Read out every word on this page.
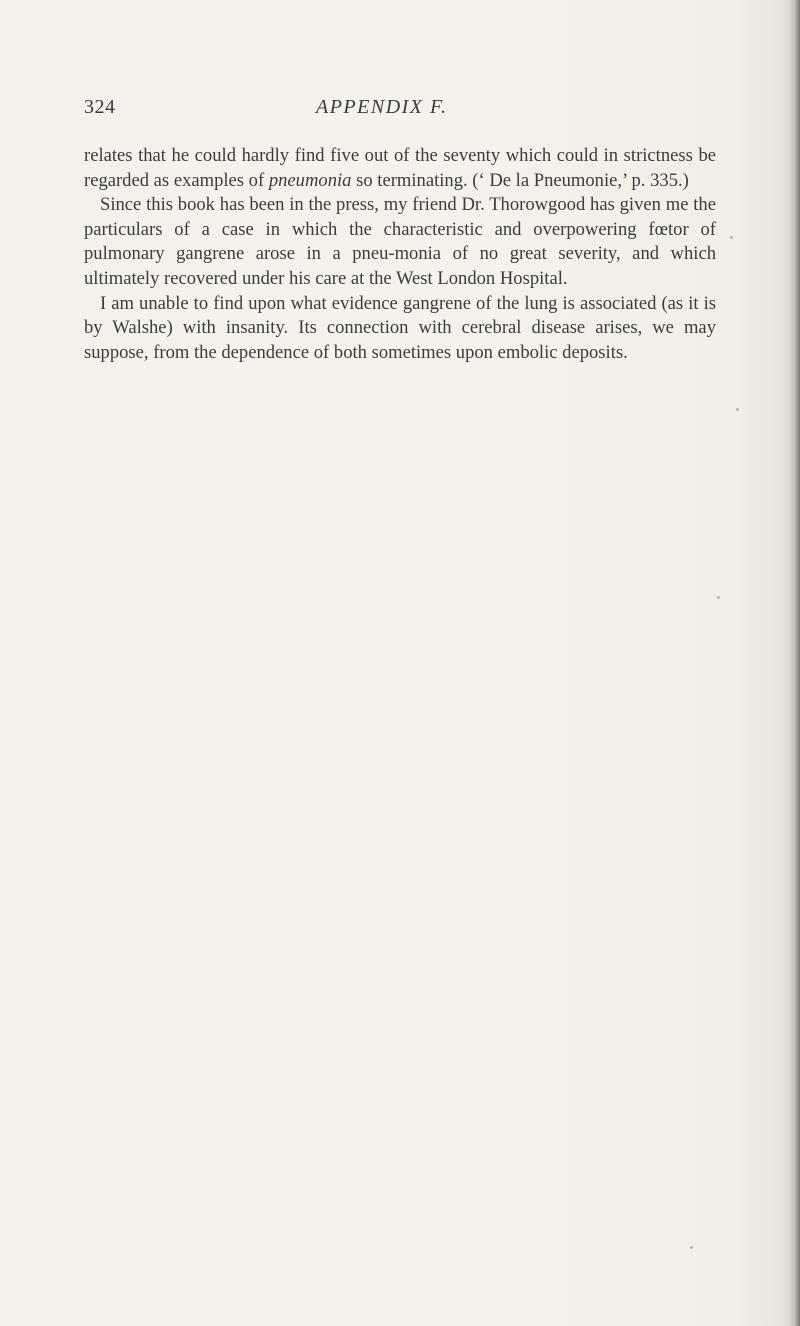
324	APPENDIX F.

relates that he could hardly find five out of the seventy which could in strictness be regarded as examples of pneumonia so terminating. (‘ De la Pneumonie,’ p. 335.)

Since this book has been in the press, my friend Dr. Thorowgood has given me the particulars of a case in which the characteristic and overpowering fœtor of pulmonary gangrene arose in a pneu-monia of no great severity, and which ultimately recovered under his care at the West London Hospital.

I am unable to find upon what evidence gangrene of the lung is associated (as it is by Walshe) with insanity. Its connection with cerebral disease arises, we may suppose, from the dependence of both sometimes upon embolic deposits.
